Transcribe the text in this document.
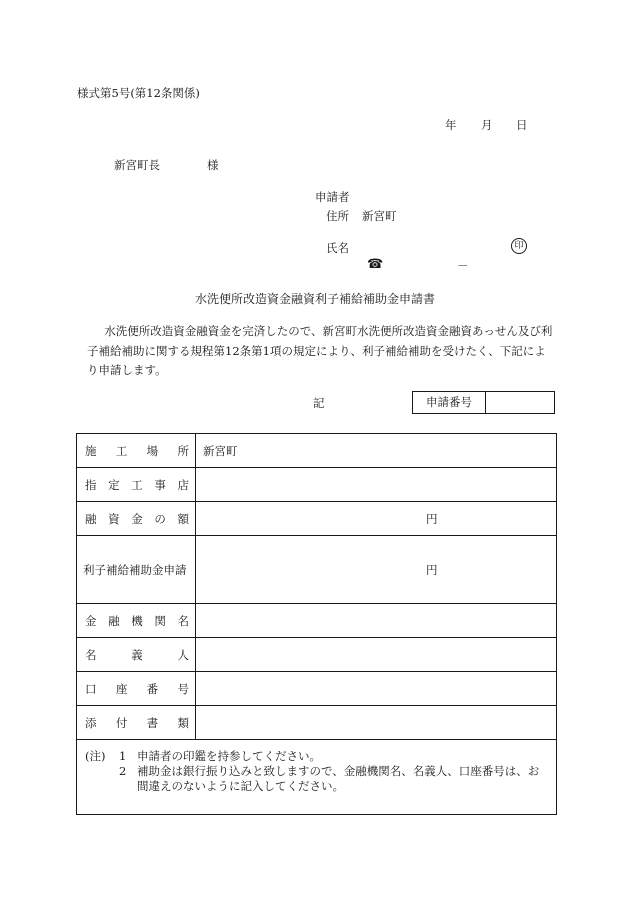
様式第5号(第12条関係)
年 月 日
新宮町長	様
申請者
住所 新宮町
氏名	印
☎	－
水洗便所改造資金融資利子補給補助金申請書
水洗便所改造資金融資金を完済したので、新宮町水洗便所改造資金融資あっせん及び利子補給補助に関する規程第12条第1項の規定により、利子補給補助を受けたく、下記により申請します。
記	申請番号
施 工 場 所	新宮町
指 定 工 事 店
融 資 金 の 額	円
利子補給補助金申請	円
金 融 機 関 名
名	義	人
口 座 番 号
添 付 書 類
(注)	1 申請者の印鑑を持参してください。
2 補助金は銀行振り込みと致しますので、金融機関名、名義人、口座番号は、お間違えのないように記入してください。
